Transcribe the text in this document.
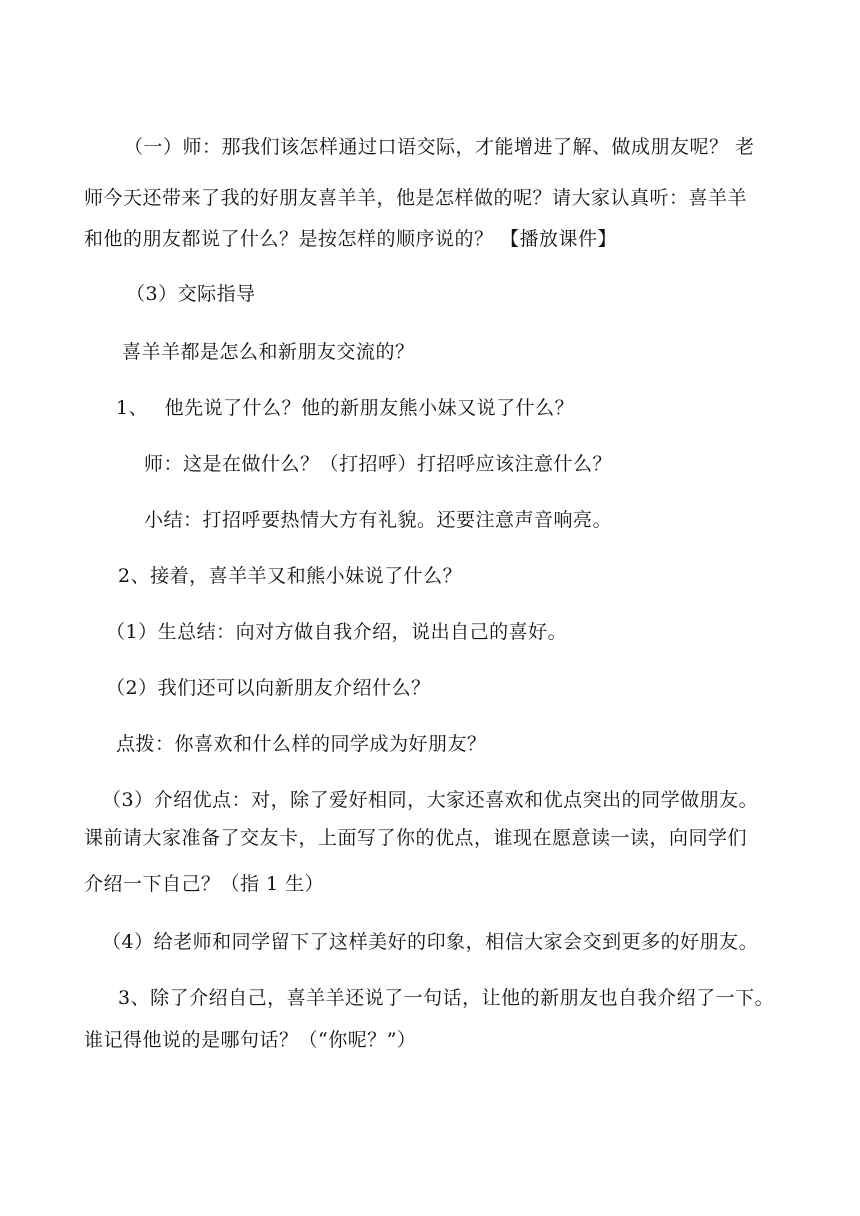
（一）师：那我们该怎样通过口语交际，才能增进了解、做成朋友呢？ 老
师今天还带来了我的好朋友喜羊羊，他是怎样做的呢？请大家认真听：喜羊羊
和他的朋友都说了什么？是按怎样的顺序说的？ 【播放课件】
（3）交际指导
喜羊羊都是怎么和新朋友交流的？
1、　 他先说了什么？他的新朋友熊小妹又说了什么？
师：这是在做什么？（打招呼）打招呼应该注意什么？
小结：打招呼要热情大方有礼貌。还要注意声音响亮。
2、接着，喜羊羊又和熊小妹说了什么？
（1）生总结：向对方做自我介绍，说出自己的喜好。
（2）我们还可以向新朋友介绍什么？
点拨：你喜欢和什么样的同学成为好朋友？
（3）介绍优点：对，除了爱好相同，大家还喜欢和优点突出的同学做朋友。
课前请大家准备了交友卡，上面写了你的优点，谁现在愿意读一读，向同学们
介绍一下自己？（指 1 生）
（4）给老师和同学留下了这样美好的印象，相信大家会交到更多的好朋友。
3、除了介绍自己，喜羊羊还说了一句话，让他的新朋友也自我介绍了一下。
谁记得他说的是哪句话？（“你呢？”）
